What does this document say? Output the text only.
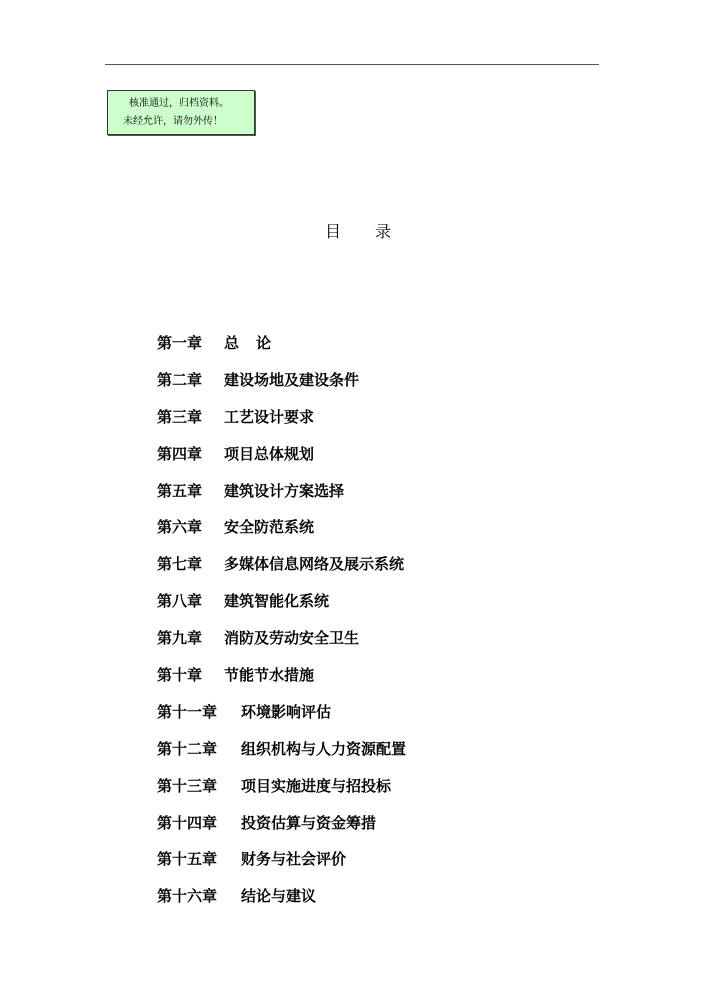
核准通过，归档资料。
未经允许，请勿外传！
目 录
第一章 总论
第二章 建设场地及建设条件
第三章 工艺设计要求
第四章 项目总体规划
第五章 建筑设计方案选择
第六章 安全防范系统
第七章 多媒体信息网络及展示系统
第八章 建筑智能化系统
第九章 消防及劳动安全卫生
第十章 节能节水措施
第十一章 环境影响评估
第十二章 组织机构与人力资源配置
第十三章 项目实施进度与招投标
第十四章 投资估算与资金筹措
第十五章 财务与社会评价
第十六章 结论与建议
